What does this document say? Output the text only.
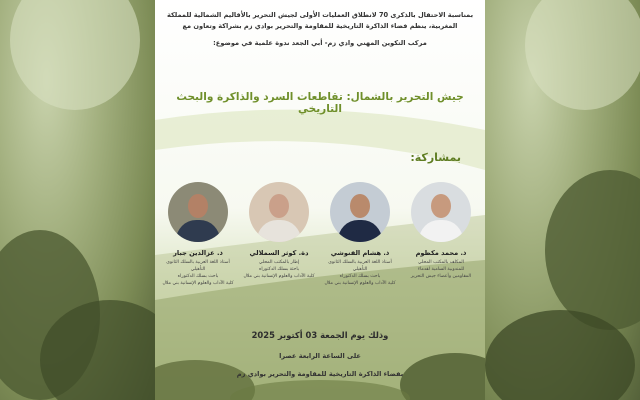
بمناسبة الاحتفال بالذكرى 70 لانطلاق العمليات الأولى لجيش التحرير بالأقاليم الشمالية للمملكة
المغربية، ينظم فضاء الذاكرة التاريخية للمقاومة والتحرير بوادي زم بشراكة وتعاون مع
مركب التكوين المهني وادي زم- أبي الجعد ندوة علمية في موضوع:
جيش التحرير بالشمال: تقاطعات السرد والذاكرة والبحث التاريخي
بمشاركة:
ذ. محمد مكظوم
المكلف بالمكتب المحلي
للمندوبية السامية لقدماء
المقاومين وأعضاء جيش التحرير
ذ. هشام الفنوشي
أستاذ اللغة العربية بالسلك الثانوي التأهيلي
باحث بسلك الدكتوراه
كلية الآداب والعلوم الإنسانية بني ملال
دة. كوثر السملالي
إطار بالمكتب المحلي
باحثة بسلك الدكتوراه
كلية الآداب والعلوم الإنسانية بني ملال
ذ. عزالدين جبار
أستاذ اللغة العربية بالسلك الثانوي التأهيلي
باحث بسلك الدكتوراه
كلية الآداب والعلوم الإنسانية بني ملال
وذلك يوم الجمعة 03 أكتوبر 2025
على الساعة الرابعة عصرا
بفضاء الذاكرة التاريخية للمقاومة والتحرير بوادي زم
